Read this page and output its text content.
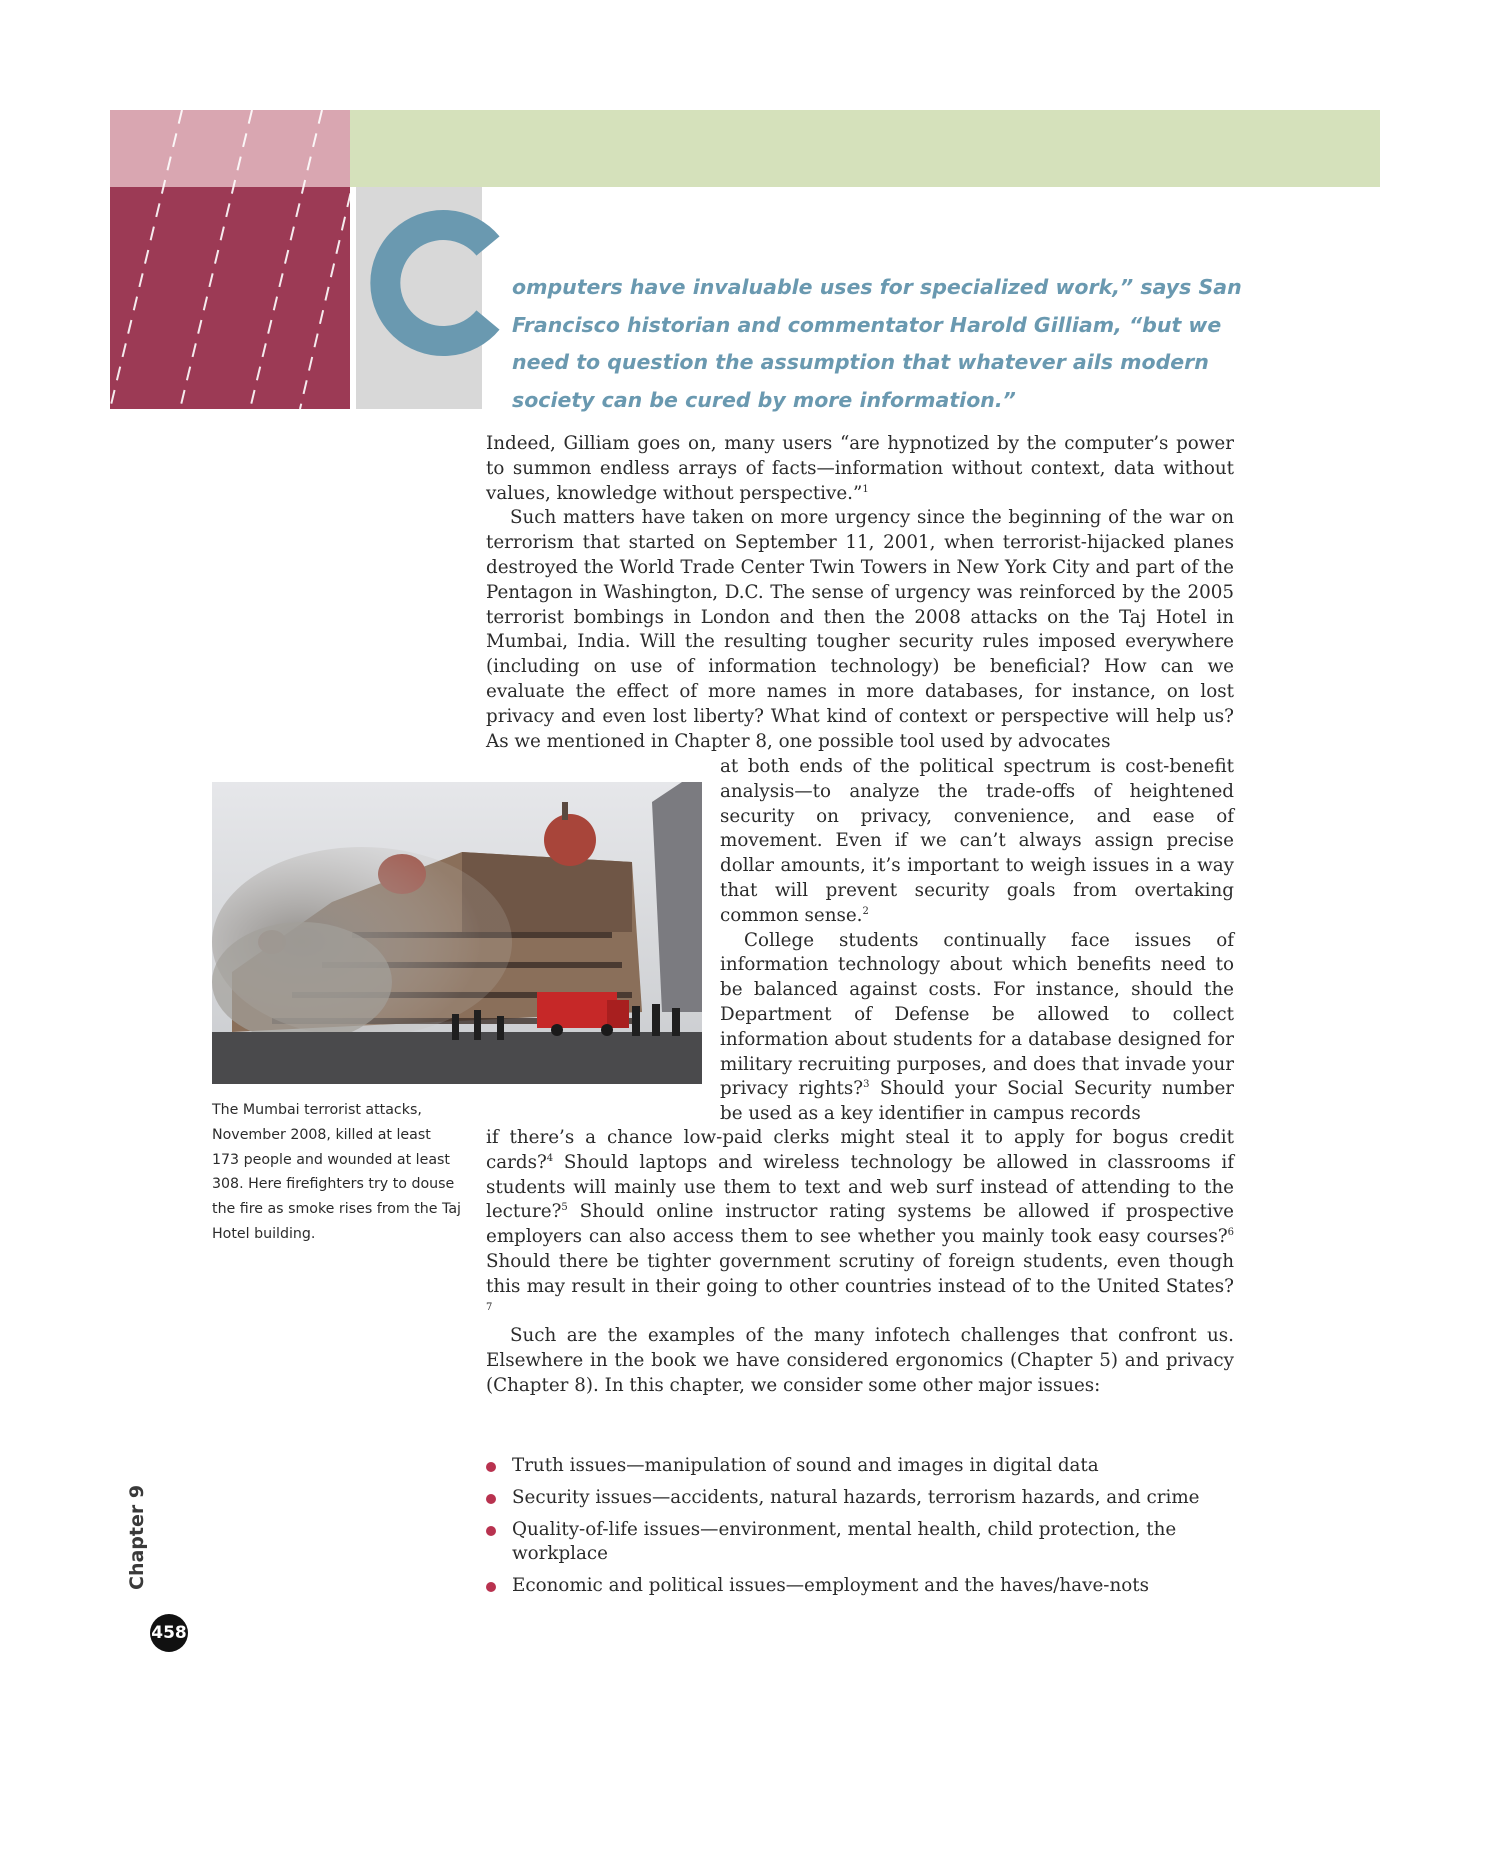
omputers have invaluable uses for specialized work,” says San Francisco historian and commentator Harold Gilliam, “but we need to question the assumption that whatever ails modern society can be cured by more information.”

Indeed, Gilliam goes on, many users “are hypnotized by the computer’s power to summon endless arrays of facts—information without context, data without values, knowledge without perspective.”$^1$

Such matters have taken on more urgency since the beginning of the war on terrorism that started on September 11, 2001, when terrorist-hijacked planes destroyed the World Trade Center Twin Towers in New York City and part of the Pentagon in Washington, D.C. The sense of urgency was reinforced by the 2005 terrorist bombings in London and then the 2008 attacks on the Taj Hotel in Mumbai, India. Will the resulting tougher security rules imposed everywhere (including on use of information technology) be beneficial? How can we evaluate the effect of more names in more databases, for instance, on lost privacy and even lost liberty? What kind of context or perspective will help us? As we mentioned in Chapter 8, one possible tool used by advocates

The Mumbai terrorist attacks, November 2008, killed at least 173 people and wounded at least 308. Here firefighters try to douse the fire as smoke rises from the Taj Hotel building.

at both ends of the political spectrum is cost-benefit analysis—to analyze the trade-offs of heightened security on privacy, convenience, and ease of movement. Even if we can’t always assign precise dollar amounts, it’s important to weigh issues in a way that will prevent security goals from overtaking common sense.$^2$

College students continually face issues of information technology about which benefits need to be balanced against costs. For instance, should the Department of Defense be allowed to collect information about students for a database designed for military recruiting purposes, and does that invade your privacy rights?$^3$ Should your Social Security number be used as a key identifier in campus records

if there’s a chance low-paid clerks might steal it to apply for bogus credit cards?$^4$ Should laptops and wireless technology be allowed in classrooms if students will mainly use them to text and web surf instead of attending to the lecture?$^5$ Should online instructor rating systems be allowed if prospective employers can also access them to see whether you mainly took easy courses?$^6$ Should there be tighter government scrutiny of foreign students, even though this may result in their going to other countries instead of to the United States?$^7$

Such are the examples of the many infotech challenges that confront us. Elsewhere in the book we have considered ergonomics (Chapter 5) and privacy (Chapter 8). In this chapter, we consider some other major issues:

Truth issues—manipulation of sound and images in digital data
Security issues—accidents, natural hazards, terrorism hazards, and crime
Quality-of-life issues—environment, mental health, child protection, the workplace
Economic and political issues—employment and the haves/have-nots
Chapter 9
458
